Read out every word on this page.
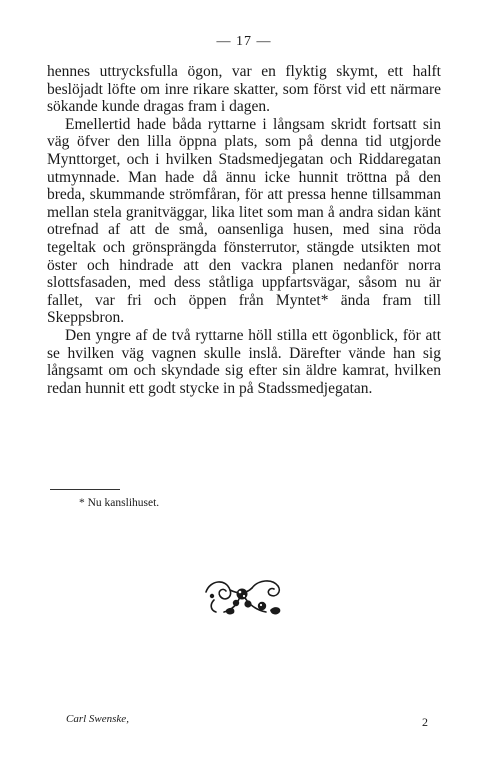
— 17 —

hennes uttrycksfulla ögon, var en flyktig skymt, ett halft beslöjadt löfte om inre rikare skatter, som först vid ett närmare sökande kunde dragas fram i dagen.

Emellertid hade båda ryttarne i långsam skridt fortsatt sin väg öfver den lilla öppna plats, som på denna tid utgjorde Mynttorget, och i hvilken Stadsmedjegatan och Riddaregatan utmynnade. Man hade då ännu icke hunnit tröttna på den breda, skummande strömfåran, för att pressa henne tillsamman mellan stela granitväggar, lika litet som man å andra sidan känt otrefnad af att de små, oansenliga husen, med sina röda tegeltak och grönsprängda fönsterrutor, stängde utsikten mot öster och hindrade att den vackra planen nedanför norra slottsfasaden, med dess ståtliga uppfartsvägar, såsom nu är fallet, var fri och öppen från Myntet* ända fram till Skeppsbron.

Den yngre af de två ryttarne höll stilla ett ögonblick, för att se hvilken väg vagnen skulle inslå. Därefter vände han sig långsamt om och skyndade sig efter sin äldre kamrat, hvilken redan hunnit ett godt stycke in på Stadssmedjegatan.

* Nu kanslihuset.
Carl Swenske,	2
